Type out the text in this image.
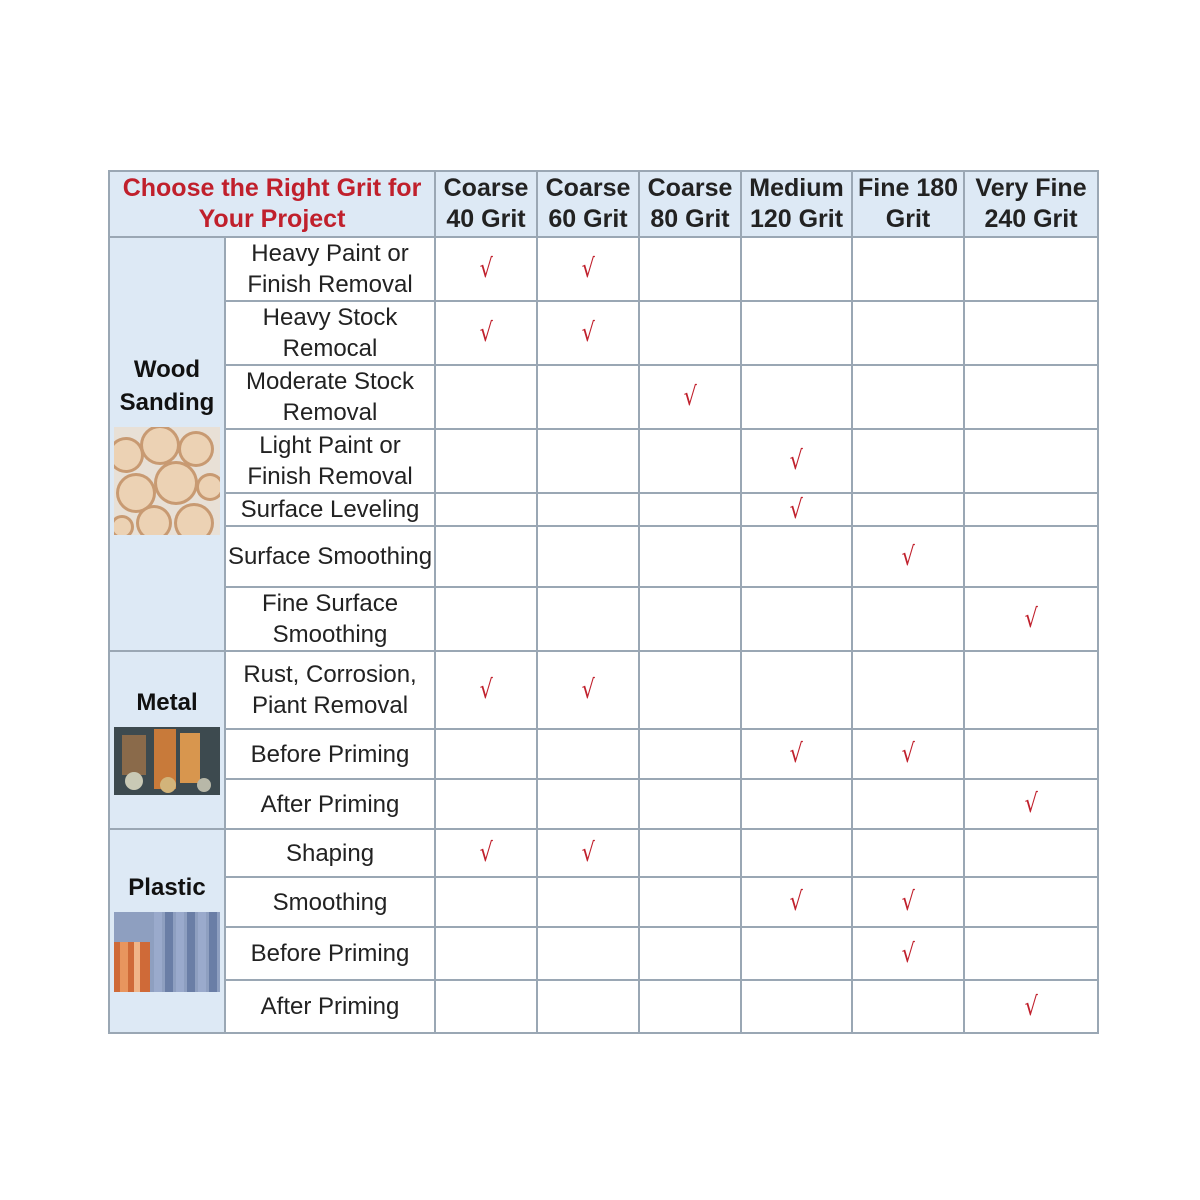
Choose the Right Grit for Your Project		Coarse 40 Grit	Coarse 60 Grit	Coarse 80 Grit	Medium 120 Grit	Fine 180 Grit	Very Fine 240 Grit

Wood Sanding	Heavy Paint or Finish Removal	√	√				
	Heavy Stock Remocal	√	√				
	Moderate Stock Removal			√			
	Light Paint or Finish Removal				√		
	Surface Leveling				√		
	Surface Smoothing					√	
	Fine Surface Smoothing						√

Metal	Rust, Corrosion, Piant Removal	√	√				
	Before Priming				√	√	
	After Priming						√

Plastic	Shaping	√	√				
	Smoothing				√	√	
	Before Priming					√	
	After Priming						√
